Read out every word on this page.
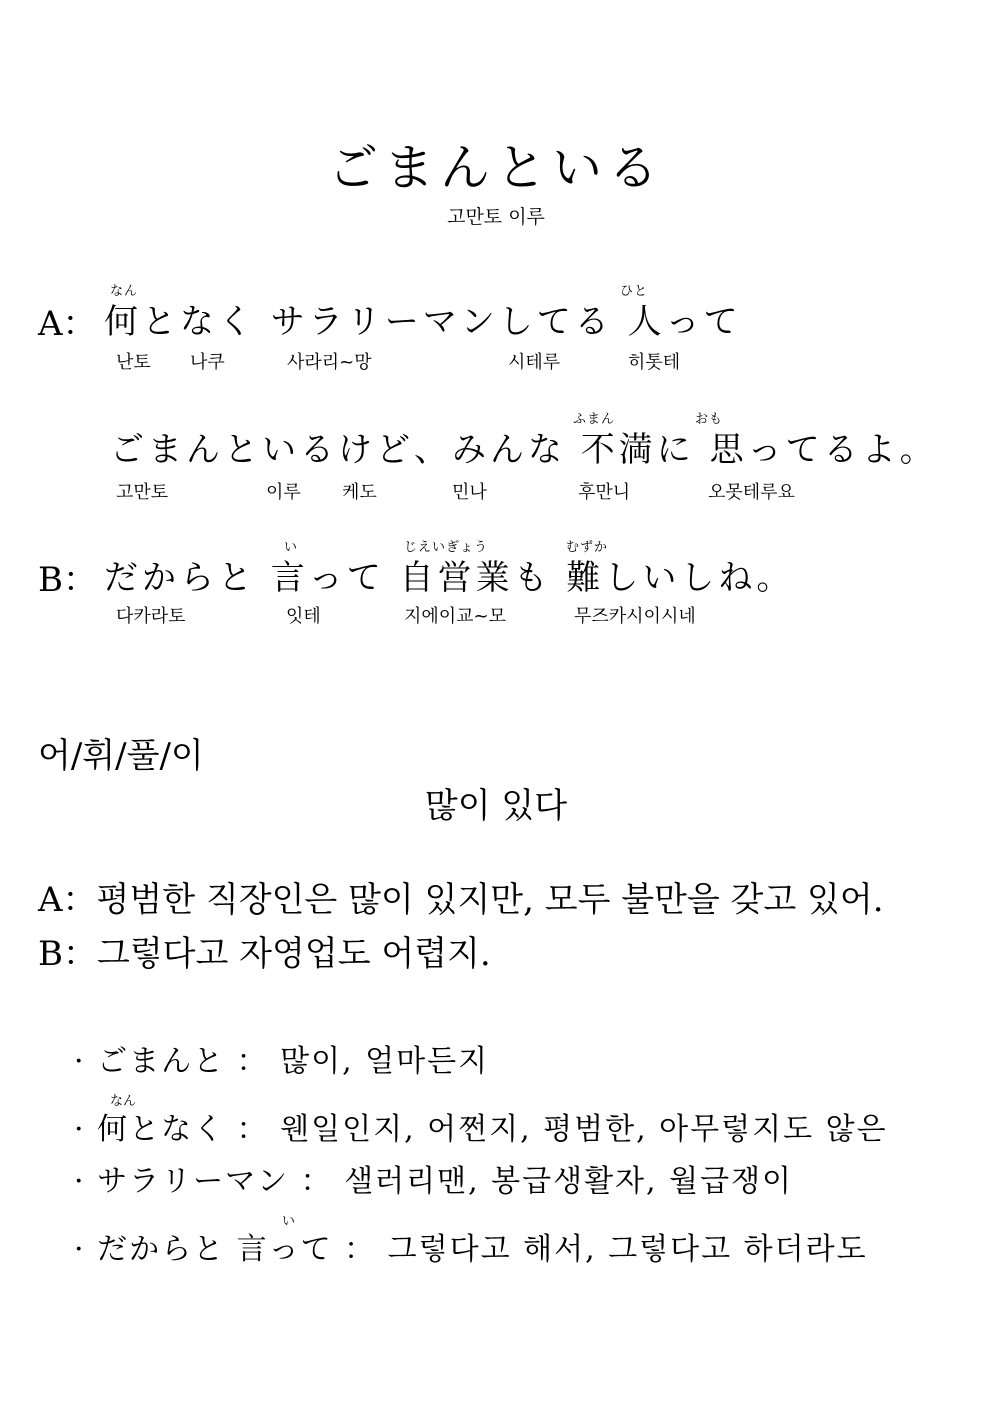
ごまんといる
고만토 이루
A：
なん	ひと
何となく サラリーマンしてる 人って
난토 나쿠	사라리~망	시테루	히톳테
ふまん	おも
ごまんといるけど、みんな 不満に 思ってるよ。
고만토	이루 케도	민나	후만니	오못테루요
B：
い	じえいぎょう	むずか
だからと 言って 自営業も 難しいしね。
다카라토	잇테	지에이교~모	무즈카시이시네
어/휘/풀/이
많이 있다
A：평범한 직장인은 많이 있지만, 모두 불만을 갖고 있어.
B：그렇다고 자영업도 어렵지.
· ごまんと ： 많이, 얼마든지
なん
· 何となく ： 웬일인지, 어쩐지, 평범한, 아무렇지도 않은
· サラリーマン ： 샐러리맨, 봉급생활자, 월급쟁이
い
· だからと 言って ： 그렇다고 해서, 그렇다고 하더라도
